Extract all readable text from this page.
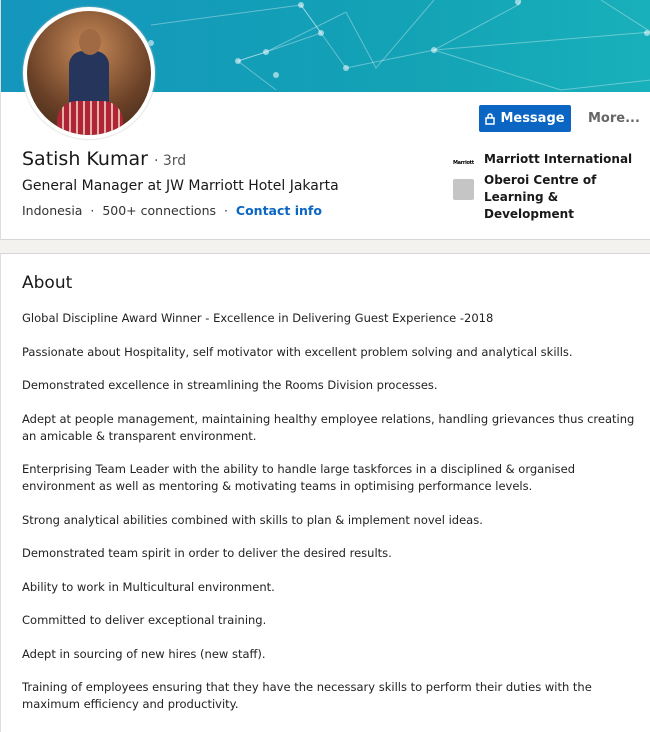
Message More...
Satish Kumar · 3rd
General Manager at JW Marriott Hotel Jakarta
Indonesia  ·  500+ connections  ·  Contact info
Marriott Marriott International
Oberoi Centre of Learning & Development
About

Global Discipline Award Winner - Excellence in Delivering Guest Experience -2018

Passionate about Hospitality, self motivator with excellent problem solving and analytical skills.

Demonstrated excellence in streamlining the Rooms Division processes.

Adept at people management, maintaining healthy employee relations, handling grievances thus creating an amicable & transparent environment.

Enterprising Team Leader with the ability to handle large taskforces in a disciplined & organised environment as well as mentoring & motivating teams in optimising performance levels.

Strong analytical abilities combined with skills to plan & implement novel ideas.

Demonstrated team spirit in order to deliver the desired results.

Ability to work in Multicultural environment.

Committed to deliver exceptional training.

Adept in sourcing of new hires (new staff).

Training of employees ensuring that they have the necessary skills to perform their duties with the maximum efficiency and productivity.
